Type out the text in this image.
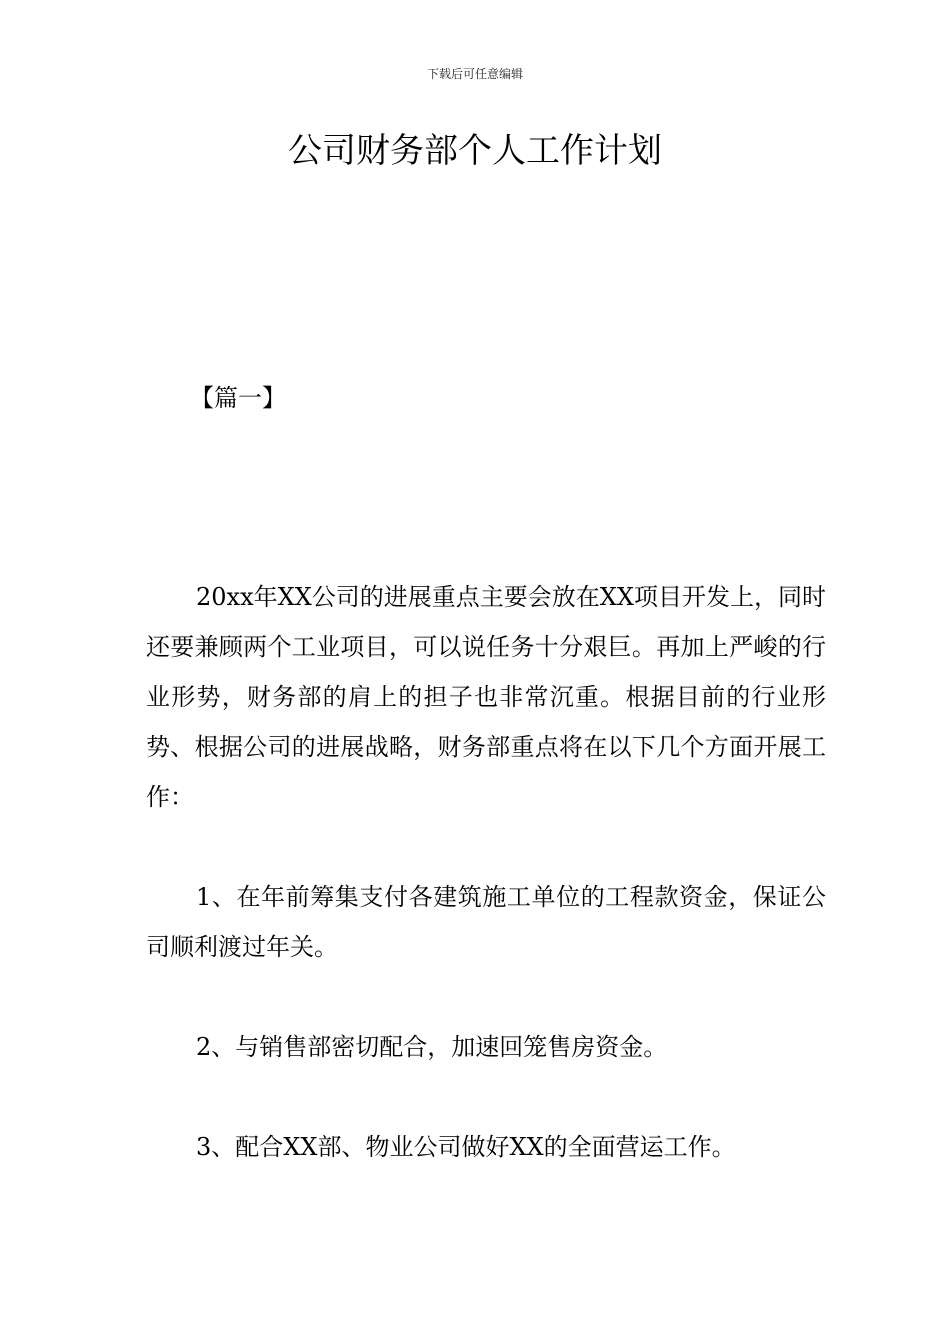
下载后可任意编辑
公司财务部个人工作计划
【篇一】

20xx年XX公司的进展重点主要会放在XX项目开发上，同时还要兼顾两个工业项目，可以说任务十分艰巨。再加上严峻的行业形势，财务部的肩上的担子也非常沉重。根据目前的行业形势、根据公司的进展战略，财务部重点将在以下几个方面开展工作：

1、在年前筹集支付各建筑施工单位的工程款资金，保证公司顺利渡过年关。

2、与销售部密切配合，加速回笼售房资金。

3、配合XX部、物业公司做好XX的全面营运工作。
